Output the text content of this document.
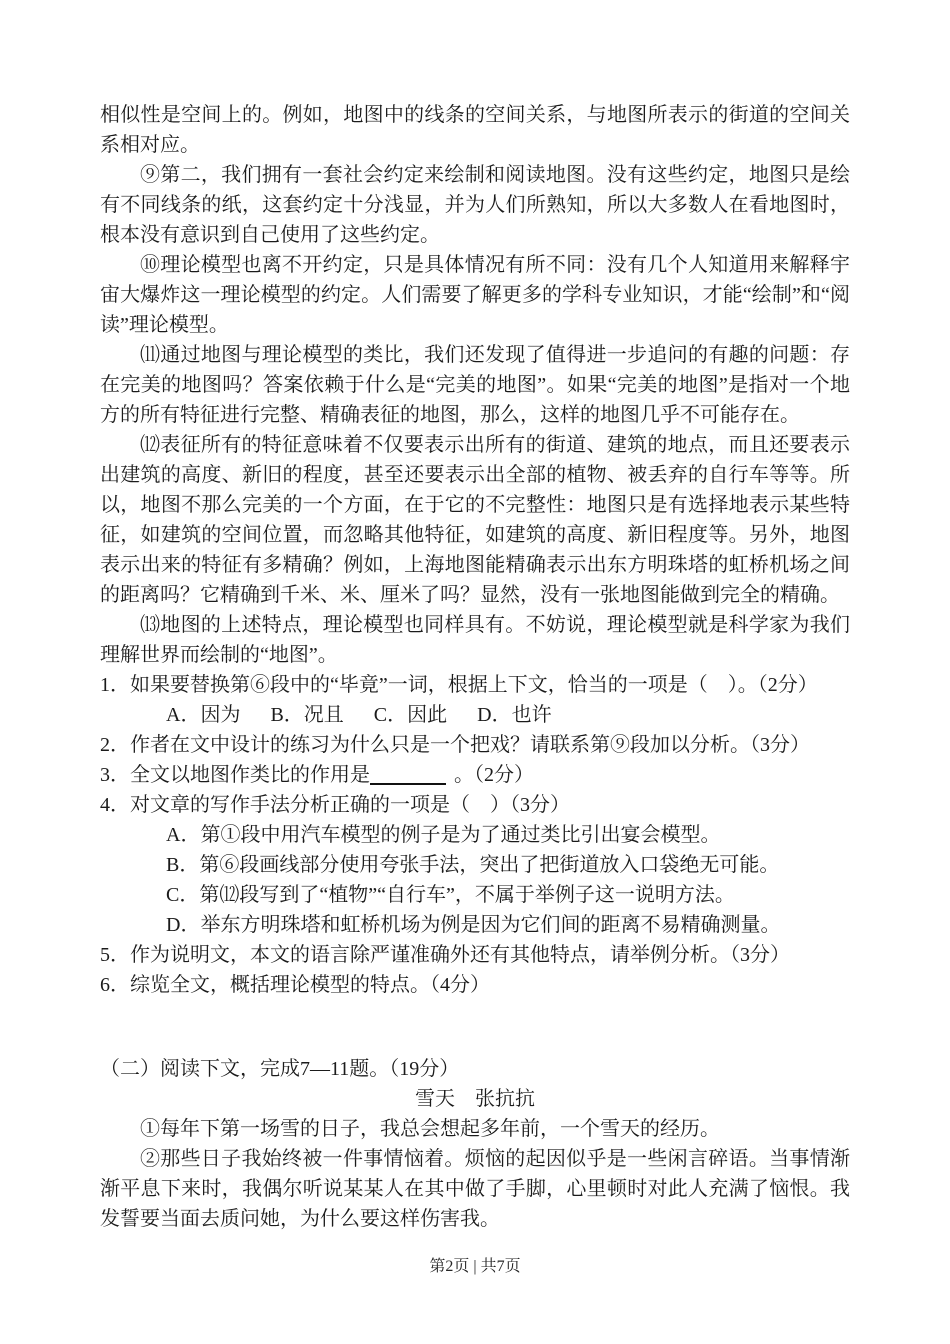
相似性是空间上的。例如，地图中的线条的空间关系，与地图所表示的街道的空间关系相对应。

⑨第二，我们拥有一套社会约定来绘制和阅读地图。没有这些约定，地图只是绘有不同线条的纸，这套约定十分浅显，并为人们所熟知，所以大多数人在看地图时，根本没有意识到自己使用了这些约定。

⑩理论模型也离不开约定，只是具体情况有所不同：没有几个人知道用来解释宇宙大爆炸这一理论模型的约定。人们需要了解更多的学科专业知识，才能“绘制”和“阅读”理论模型。

⑾通过地图与理论模型的类比，我们还发现了值得进一步追问的有趣的问题：存在完美的地图吗？答案依赖于什么是“完美的地图”。如果“完美的地图”是指对一个地方的所有特征进行完整、精确表征的地图，那么，这样的地图几乎不可能存在。

⑿表征所有的特征意味着不仅要表示出所有的街道、建筑的地点，而且还要表示出建筑的高度、新旧的程度，甚至还要表示出全部的植物、被丢弃的自行车等等。所以，地图不那么完美的一个方面，在于它的不完整性：地图只是有选择地表示某些特征，如建筑的空间位置，而忽略其他特征，如建筑的高度、新旧程度等。另外，地图表示出来的特征有多精确？例如，上海地图能精确表示出东方明珠塔的虹桥机场之间的距离吗？它精确到千米、米、厘米了吗？显然，没有一张地图能做到完全的精确。

⒀地图的上述特点，理论模型也同样具有。不妨说，理论模型就是科学家为我们理解世界而绘制的“地图”。

1．如果要替换第⑥段中的“毕竟”一词，根据上下文，恰当的一项是（　）。（2分）

A．因为 B．况且 C．因此 D．也许

2．作者在文中设计的练习为什么只是一个把戏？请联系第⑨段加以分析。（3分）

3．全文以地图作类比的作用是	。（2分）

4．对文章的写作手法分析正确的一项是（　）（3分）

A．第①段中用汽车模型的例子是为了通过类比引出宴会模型。

B．第⑥段画线部分使用夸张手法，突出了把街道放入口袋绝无可能。

C．第⑿段写到了“植物”“自行车”，不属于举例子这一说明方法。

D．举东方明珠塔和虹桥机场为例是因为它们间的距离不易精确测量。

5．作为说明文，本文的语言除严谨准确外还有其他特点，请举例分析。（3分）

6．综览全文，概括理论模型的特点。（4分）

（二）阅读下文，完成7—11题。（19分）

雪天　张抗抗

①每年下第一场雪的日子，我总会想起多年前，一个雪天的经历。

②那些日子我始终被一件事情恼着。烦恼的起因似乎是一些闲言碎语。当事情渐渐平息下来时，我偶尔听说某某人在其中做了手脚，心里顿时对此人充满了恼恨。我发誓要当面去质问她，为什么要这样伤害我。

第2页 | 共7页
